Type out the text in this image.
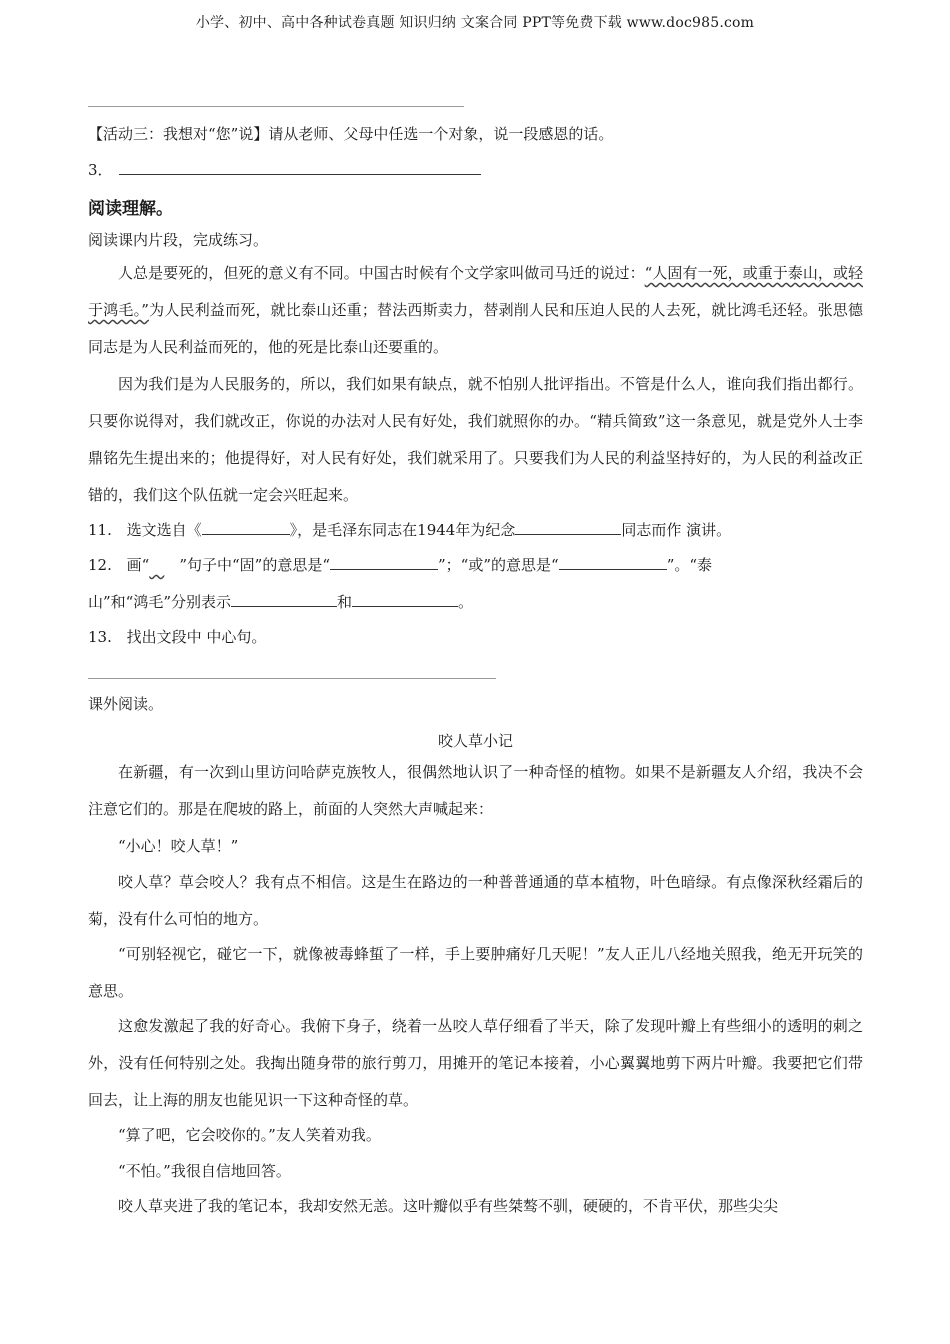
小学、初中、高中各种试卷真题 知识归纳 文案合同 PPT等免费下载 www.doc985.com
【活动三：我想对“您”说】请从老师、父母中任选一个对象，说一段感恩的话。
3．
阅读理解。
阅读课内片段，完成练习。
人总是要死的，但死的意义有不同。中国古时候有个文学家叫做司马迁的说过：“人固有一死，或重于泰山，或轻于鸿毛。”为人民利益而死，就比泰山还重；替法西斯卖力，替剥削人民和压迫人民的人去死，就比鸿毛还轻。张思德同志是为人民利益而死的，他的死是比泰山还要重的。
因为我们是为人民服务的，所以，我们如果有缺点，就不怕别人批评指出。不管是什么人，谁向我们指出都行。只要你说得对，我们就改正，你说的办法对人民有好处，我们就照你的办。“精兵简致”这一条意见，就是党外人士李鼎铭先生提出来的；他提得好，对人民有好处，我们就采用了。只要我们为人民的利益坚持好的，为人民的利益改正错的，我们这个队伍就一定会兴旺起来。
11. 选文选自《	》，是毛泽东同志在1944年为纪念	同志而作 演讲。
12. 画“   ”句子中“固”的意思是“	”；“或”的意思是“	”。“泰
山”和“鸿毛”分别表示	和	。
13. 找出文段中 中心句。
课外阅读。
咬人草小记
在新疆，有一次到山里访问哈萨克族牧人，很偶然地认识了一种奇怪的植物。如果不是新疆友人介绍，我决不会注意它们的。那是在爬坡的路上，前面的人突然大声喊起来：
“小心！咬人草！”
咬人草？草会咬人？我有点不相信。这是生在路边的一种普普通通的草本植物，叶色暗绿。有点像深秋经霜后的菊，没有什么可怕的地方。
“可别轻视它，碰它一下，就像被毒蜂蜇了一样，手上要肿痛好几天呢！”友人正儿八经地关照我，绝无开玩笑的意思。
这愈发激起了我的好奇心。我俯下身子，绕着一丛咬人草仔细看了半天，除了发现叶瓣上有些细小的透明的刺之外，没有任何特别之处。我掏出随身带的旅行剪刀，用摊开的笔记本接着，小心翼翼地剪下两片叶瓣。我要把它们带回去，让上海的朋友也能见识一下这种奇怪的草。
“算了吧，它会咬你的。”友人笑着劝我。
“不怕。”我很自信地回答。
咬人草夹进了我的笔记本，我却安然无恙。这叶瓣似乎有些桀骜不驯，硬硬的，不肯平伏，那些尖尖
